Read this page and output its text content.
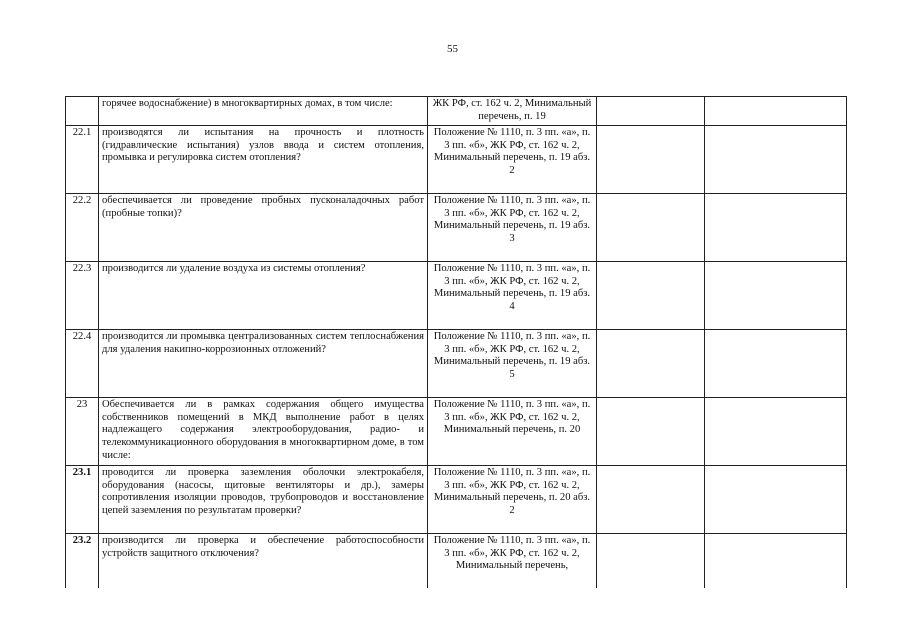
55
	горячее водоснабжение) в многоквартирных домах, в том числе:	ЖК РФ, ст. 162 ч. 2, Минимальный перечень, п. 19		
22.1	производятся ли испытания на прочность и плотность (гидравлические испытания) узлов ввода и систем отопления, промывка и регулировка систем отопления?	Положение № 1110, п. 3 пп. «а», п. 3 пп. «б», ЖК РФ, ст. 162 ч. 2, Минимальный перечень, п. 19 абз. 2		
22.2	обеспечивается ли проведение пробных пусконаладочных работ (пробные топки)?	Положение № 1110, п. 3 пп. «а», п. 3 пп. «б», ЖК РФ, ст. 162 ч. 2, Минимальный перечень, п. 19 абз. 3		
22.3	производится ли удаление воздуха из системы отопления?	Положение № 1110, п. 3 пп. «а», п. 3 пп. «б», ЖК РФ, ст. 162 ч. 2, Минимальный перечень, п. 19 абз. 4		
22.4	производится ли промывка централизованных систем теплоснабжения для удаления накипно-коррозионных отложений?	Положение № 1110, п. 3 пп. «а», п. 3 пп. «б», ЖК РФ, ст. 162 ч. 2, Минимальный перечень, п. 19 абз. 5		
23	Обеспечивается ли в рамках содержания общего имущества собственников помещений в МКД выполнение работ в целях надлежащего содержания электрооборудования, радио- и телекоммуникационного оборудования в многоквартирном доме, в том числе:	Положение № 1110, п. 3 пп. «а», п. 3 пп. «б», ЖК РФ, ст. 162 ч. 2, Минимальный перечень, п. 20		
23.1	проводится ли проверка заземления оболочки электрокабеля, оборудования (насосы, щитовые вентиляторы и др.), замеры сопротивления изоляции проводов, трубопроводов и восстановление цепей заземления по результатам проверки?	Положение № 1110, п. 3 пп. «а», п. 3 пп. «б», ЖК РФ, ст. 162 ч. 2, Минимальный перечень, п. 20 абз. 2		
23.2	производится ли проверка и обеспечение работоспособности устройств защитного отключения?	Положение № 1110, п. 3 пп. «а», п. 3 пп. «б», ЖК РФ, ст. 162 ч. 2, Минимальный перечень,		
